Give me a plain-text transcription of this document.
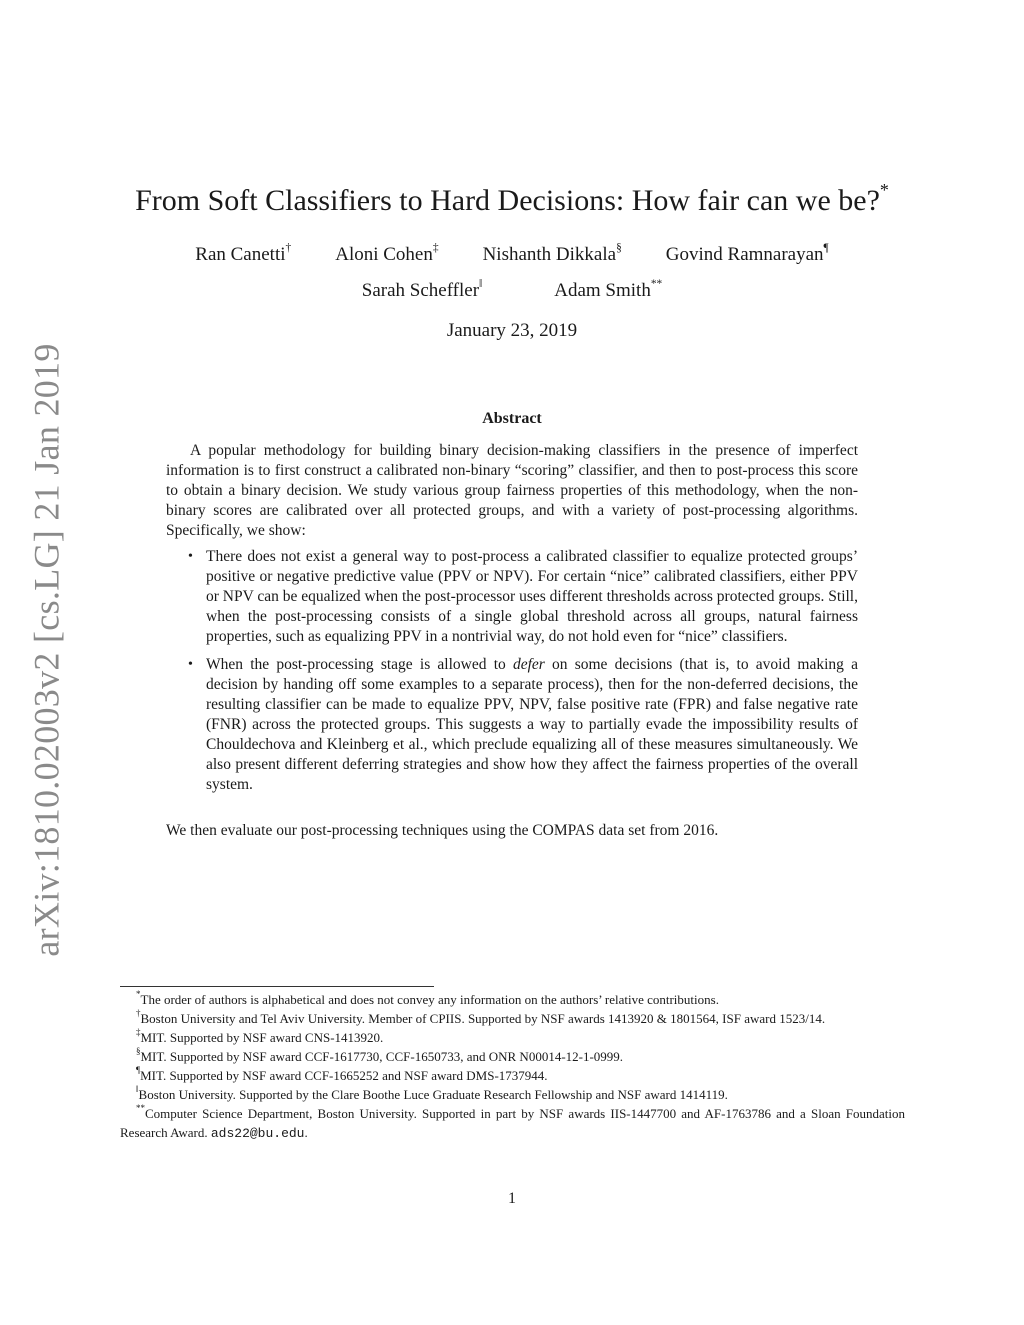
arXiv:1810.02003v2 [cs.LG] 21 Jan 2019
From Soft Classifiers to Hard Decisions: How fair can we be?*
Ran Canetti† Aloni Cohen‡ Nishanth Dikkala§ Govind Ramnarayan¶
Sarah Scheffler‖	Adam Smith**
January 23, 2019
Abstract

A popular methodology for building binary decision-making classifiers in the presence of imperfect information is to first construct a calibrated non-binary “scoring” classifier, and then to post-process this score to obtain a binary decision. We study various group fairness properties of this methodology, when the non-binary scores are calibrated over all protected groups, and with a variety of post-processing algorithms. Specifically, we show:

• There does not exist a general way to post-process a calibrated classifier to equalize protected groups’ positive or negative predictive value (PPV or NPV). For certain “nice” calibrated classifiers, either PPV or NPV can be equalized when the post-processor uses different thresholds across protected groups. Still, when the post-processing consists of a single global threshold across all groups, natural fairness properties, such as equalizing PPV in a nontrivial way, do not hold even for “nice” classifiers.
• When the post-processing stage is allowed to defer on some decisions (that is, to avoid making a decision by handing off some examples to a separate process), then for the non-deferred decisions, the resulting classifier can be made to equalize PPV, NPV, false positive rate (FPR) and false negative rate (FNR) across the protected groups. This suggests a way to partially evade the impossibility results of Chouldechova and Kleinberg et al., which preclude equalizing all of these measures simultaneously. We also present different deferring strategies and show how they affect the fairness properties of the overall system.

We then evaluate our post-processing techniques using the COMPAS data set from 2016.

*The order of authors is alphabetical and does not convey any information on the authors’ relative contributions.

†Boston University and Tel Aviv University. Member of CPIIS. Supported by NSF awards 1413920 & 1801564, ISF award 1523/14.

‡MIT. Supported by NSF award CNS-1413920.

§MIT. Supported by NSF award CCF-1617730, CCF-1650733, and ONR N00014-12-1-0999.

¶MIT. Supported by NSF award CCF-1665252 and NSF award DMS-1737944.

‖Boston University. Supported by the Clare Boothe Luce Graduate Research Fellowship and NSF award 1414119.

**Computer Science Department, Boston University. Supported in part by NSF awards IIS-1447700 and AF-1763786 and a Sloan Foundation Research Award. ads22@bu.edu.

1
